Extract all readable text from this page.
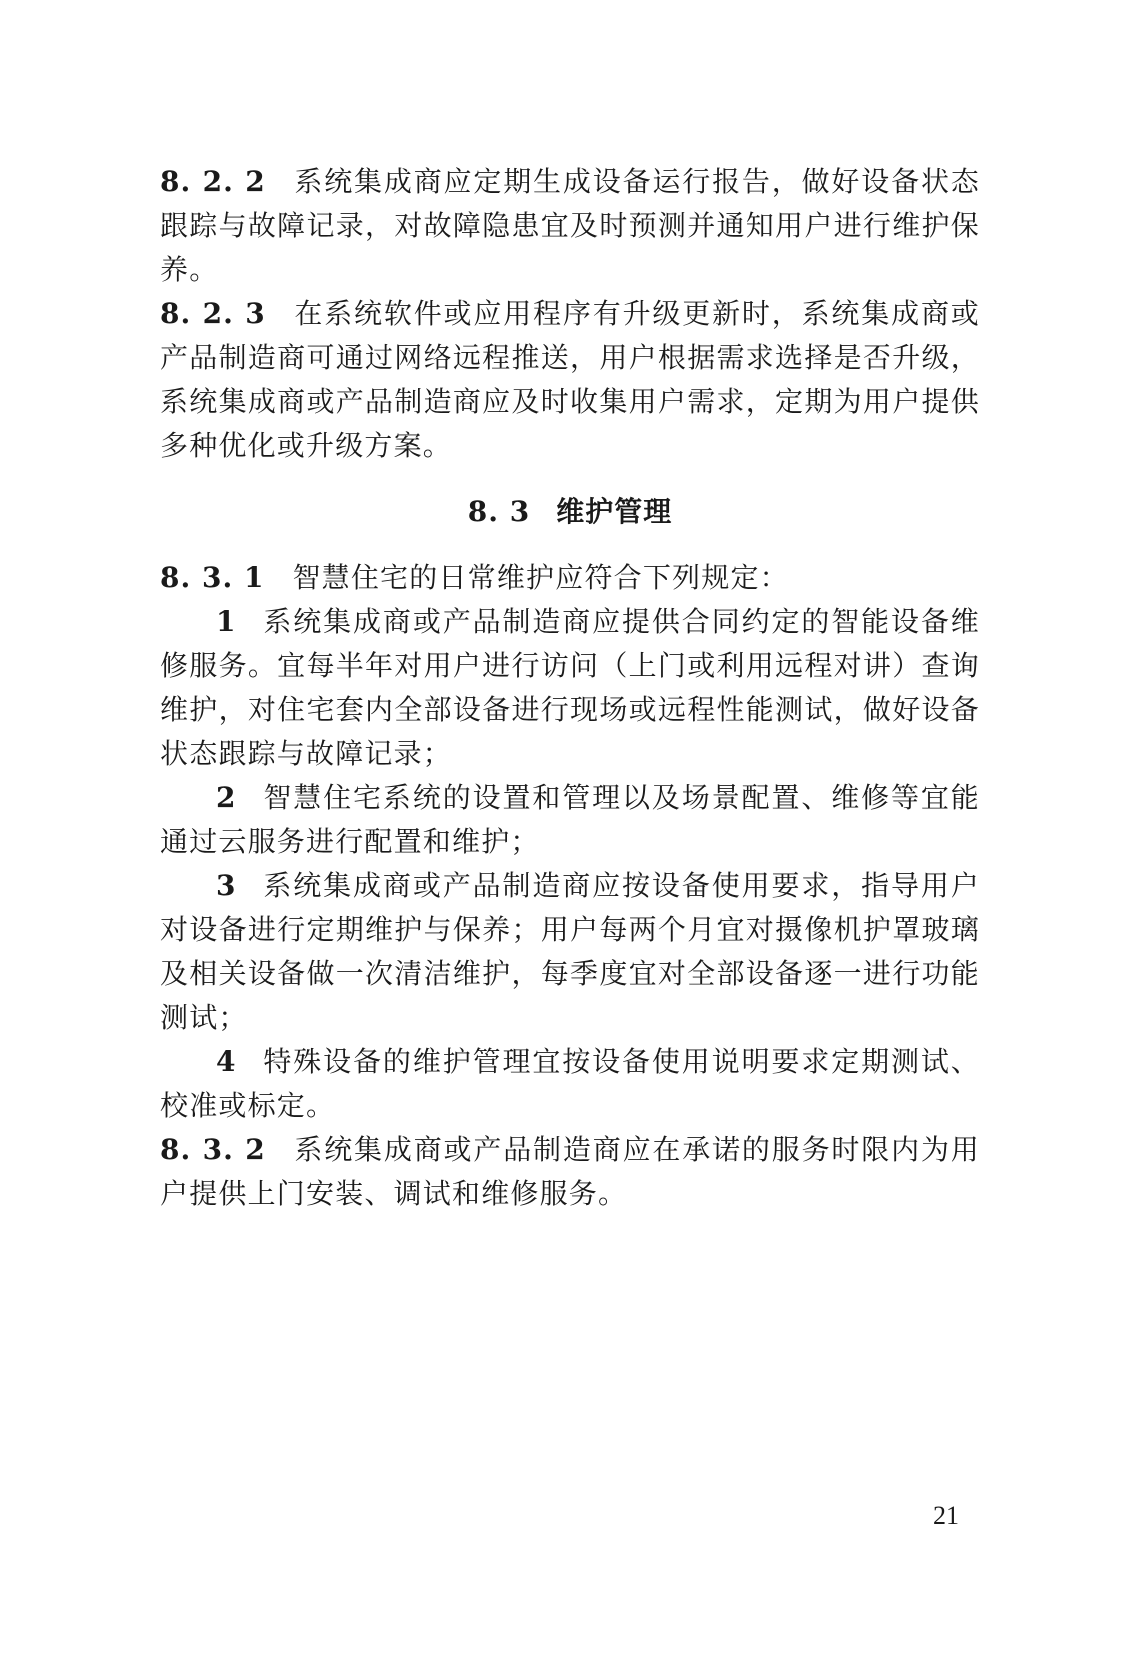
8. 2. 2 系统集成商应定期生成设备运行报告，做好设备状态跟踪与故障记录，对故障隐患宜及时预测并通知用户进行维护保养。

8. 2. 3 在系统软件或应用程序有升级更新时，系统集成商或产品制造商可通过网络远程推送，用户根据需求选择是否升级，系统集成商或产品制造商应及时收集用户需求，定期为用户提供多种优化或升级方案。

8. 3 维护管理

8. 3. 1 智慧住宅的日常维护应符合下列规定：

1 系统集成商或产品制造商应提供合同约定的智能设备维修服务。宜每半年对用户进行访问（上门或利用远程对讲）查询维护，对住宅套内全部设备进行现场或远程性能测试，做好设备状态跟踪与故障记录；

2 智慧住宅系统的设置和管理以及场景配置、维修等宜能通过云服务进行配置和维护；

3 系统集成商或产品制造商应按设备使用要求，指导用户对设备进行定期维护与保养；用户每两个月宜对摄像机护罩玻璃及相关设备做一次清洁维护，每季度宜对全部设备逐一进行功能测试；

4 特殊设备的维护管理宜按设备使用说明要求定期测试、校准或标定。

8. 3. 2 系统集成商或产品制造商应在承诺的服务时限内为用户提供上门安装、调试和维修服务。

21
